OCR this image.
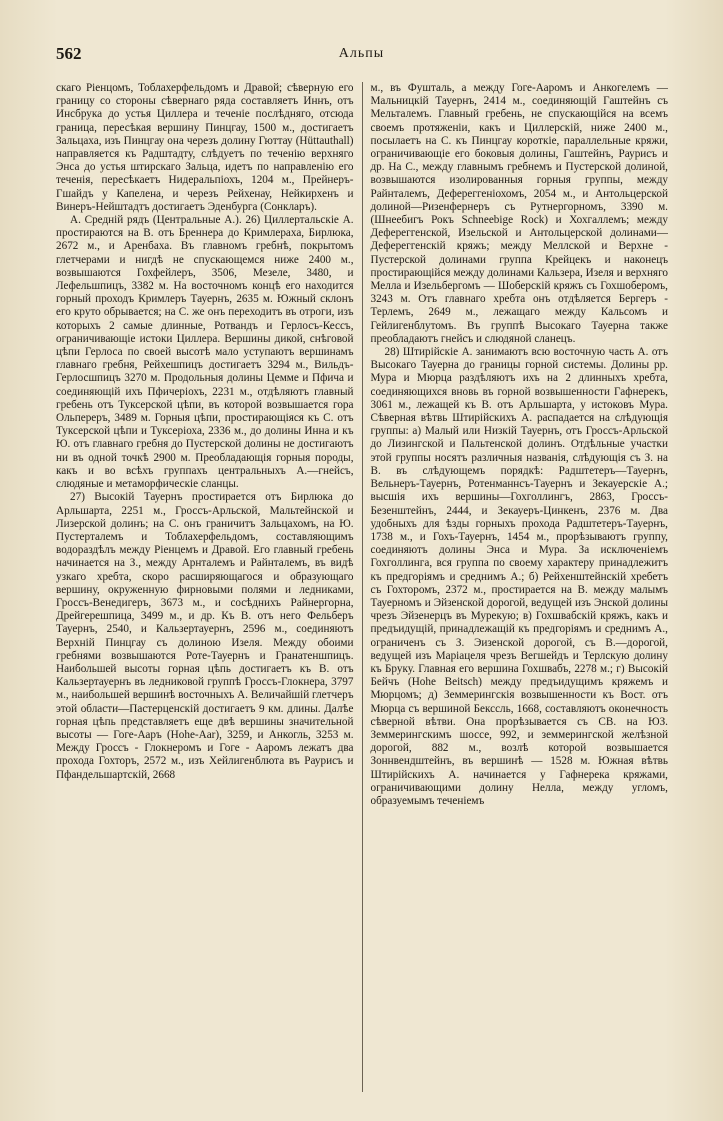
562	Альпы

скаго Ріенцомъ, Тоблахерфельдомъ и Дравой; сѣверную его границу со стороны сѣвернаго ряда составляетъ Иннъ, отъ Инсбрука до устья Циллера и теченіе послѣдняго, отсюда граница, пересѣкая вершину Пинцгау, 1500 м., достигаетъ Зальцаха, изъ Пинцгау она черезъ долину Гюттау (Hüttauthall) направляется къ Радштадту, слѣдуетъ по теченію верхняго Энса до устья штирскаго Зальца, идетъ по направленію его теченія, пересѣкаетъ Нидеральпіохъ, 1204 м., Прейнеръ-Гшайдъ у Капелена, и черезъ Рейхенау, Нейкирхенъ и Винеръ-Нейштадтъ достигаетъ Эденбурга (Сонкларъ).

А. Средній рядъ (Центральные А.). 26) Циллертальскіе А. простираются на В. отъ Бреннера до Кримлераха, Бирлюка, 2672 м., и Аренбаха. Въ главномъ гребнѣ, покрытомъ глетчерами и нигдѣ не спускающемся ниже 2400 м., возвышаются Гохфейлеръ, 3506, Мезеле, 3480, и Лефельшпицъ, 3382 м. На восточномъ концѣ его находится горный проходъ Кримлеръ Тауернъ, 2635 м. Южный склонъ его круто обрывается; на С. же онъ переходитъ въ отроги, изъ которыхъ 2 самые длинные, Ротвандъ и Герлосъ-Кессъ, ограничивающіе истоки Циллера. Вершины дикой, снѣговой цѣпи Герлоса по своей высотѣ мало уступаютъ вершинамъ главнаго гребня, Рейхешпицъ достигаетъ 3294 м., Вильдъ-Герлосшпицъ 3270 м. Продольныя долины Цемме и Пфича и соединяющій ихъ Пфичеріохъ, 2231 м., отдѣляютъ главный гребень отъ Туксерской цѣпи, въ которой возвышается гора Ольпереръ, 3489 м. Горныя цѣпи, простирающіяся къ С. отъ Туксерской цѣпи и Туксеріоха, 2336 м., до долины Инна и къ Ю. отъ главнаго гребня до Пустерской долины не достигаютъ ни въ одной точкѣ 2900 м. Преобладающія горныя породы, какъ и во всѣхъ группахъ центральныхъ А.—гнейсъ, слюдяные и метаморфическіе сланцы.

27) Высокій Тауернъ простирается отъ Бирлюка до Арльшарта, 2251 м., Гроссъ-Арльской, Мальтейнской и Лизерской долинъ; на С. онъ граничитъ Зальцахомъ, на Ю. Пустерталемъ и Тоблахерфельдомъ, составляющимъ водораздѣлъ между Ріенцемъ и Дравой. Его главный гребень начинается на З., между Арнталемъ и Райнталемъ, въ видѣ узкаго хребта, скоро расширяющагося и образующаго вершину, окруженную фирновыми полями и ледниками, Гроссъ-Венедигеръ, 3673 м., и сосѣднихъ Райнергорна, Дрейгерешпица, 3499 м., и др. Къ В. отъ него Фельберъ Тауернъ, 2540, и Кальзертауернъ, 2596 м., соединяютъ Верхній Пинцгау съ долиною Изеля. Между обоими гребнями возвышаются Роте-Тауернъ и Гранатеншпицъ. Наибольшей высоты горная цѣпь достигаетъ къ В. отъ Кальзертауернъ въ ледниковой группѣ Гроссъ-Глокнера, 3797 м., наибольшей вершинѣ восточныхъ А. Величайшій глетчеръ этой области—Пастерценскій достигаетъ 9 км. длины. Далѣе горная цѣпь представляетъ еще двѣ вершины значительной высоты — Гоге-Ааръ (Hohe-Aar), 3259, и Анкогль, 3253 м. Между Гроссъ - Глокнеромъ и Гоге - Ааромъ лежатъ два прохода Гохторъ, 2572 м., изъ Хейлигенблюта въ Раурисъ и Пфандельшартскій, 2668

м., въ Фушталь, а между Гоге-Ааромъ и Анкогелемъ — Мальницкій Тауернъ, 2414 м., соединяющій Гаштейнъ съ Мельталемъ. Главный гребень, не спускающійся на всемъ своемъ протяженіи, какъ и Циллерскій, ниже 2400 м., посылаетъ на С. къ Пинцгау короткіе, параллельные кряжи, ограничивающіе его боковыя долины, Гаштейнъ, Раурисъ и др. На С., между главнымъ гребнемъ и Пустерской долиной, возвышаются изолированныя горныя группы, между Райнталемъ, Дефереггеніохомъ, 2054 м., и Антольцерской долиной—Ризенфернеръ съ Рутнергорномъ, 3390 м. (Шнеебигъ Рокъ Schneebige Rock) и Хохгаллемъ; между Дефереггенской, Изельской и Антольцерской долинами—Дефереггенскій кряжъ; между Меллской и Верхне - Пустерской долинами группа Крейцекъ и наконецъ простирающійся между долинами Кальзера, Изеля и верхняго Мелла и Изельбергомъ — Шоберскій кряжъ съ Гохшоберомъ, 3243 м. Отъ главнаго хребта онъ отдѣляется Бергеръ - Терлемъ, 2649 м., лежащаго между Кальсомъ и Гейлигенблутомъ. Въ группѣ Высокаго Тауерна также преобладаютъ гнейсъ и слюдяной сланецъ.

28) Штирійскіе А. занимаютъ всю восточную часть А. отъ Высокаго Тауерна до границы горной системы. Долины рр. Мура и Мюрца раздѣляютъ ихъ на 2 длинныхъ хребта, соединяющихся вновь въ горной возвышенности Гафнерекъ, 3061 м., лежащей къ В. отъ Арльшарта, у истоковъ Мура. Сѣверная вѣтвь Штирійскихъ А. распадается на слѣдующія группы: а) Малый или Низкій Тауернъ, отъ Гроссъ-Арльской до Лизингской и Пальтенской долинъ. Отдѣльные участки этой группы носятъ различныя названія, слѣдующія съ З. на В. въ слѣдующемъ порядкѣ: Радштетеръ—Тауернъ, Вельнеръ-Тауернъ, Ротенманнсъ-Тауернъ и Зекауерскіе А.; высшія ихъ вершины—Гохголлингъ, 2863, Гроссъ-Безенштейнъ, 2444, и Зекауеръ-Цинкенъ, 2376 м. Два удобныхъ для ѣзды горныхъ прохода Радштетеръ-Тауернъ, 1738 м., и Гохъ-Тауернъ, 1454 м., прорѣзываютъ группу, соединяютъ долины Энса и Мура. За исключеніемъ Гохголлинга, вся группа по своему характеру принадлежитъ къ предгоріямъ и среднимъ А.; б) Рейхенштейнскій хребетъ съ Гохторомъ, 2372 м., простирается на В. между малымъ Тауерномъ и Эйзенской дорогой, ведущей изъ Энской долины чрезъ Эйзенерцъ въ Мурекую; в) Гохшвабскій кряжъ, какъ и предъидущій, принадлежащій къ предгоріямъ и среднимъ А., ограниченъ съ З. Эизенской дорогой, съ В.—дорогой, ведущей изъ Маріацеля чрезъ Вегшейдъ и Терлскую долину къ Бруку. Главная его вершина Гохшвабъ, 2278 м.; г) Высокій Бейчъ (Hohe Beitsch) между предъидущимъ кряжемъ и Мюрцомъ; д) Земмерингскія возвышенности къ Вост. отъ Мюрца съ вершиной Бекссль, 1668, составляютъ оконечность сѣверной вѣтви. Она прорѣзывается съ СВ. на ЮЗ. Земмерингскимъ шоссе, 992, и земмерингской желѣзной дорогой, 882 м., возлѣ которой возвышается Зоннвендштейнъ, въ вершинѣ — 1528 м. Южная вѣтвь Штирійскихъ А. начинается у Гафнерека кряжами, ограничивающими долину Нелла, между угломъ, образуемымъ теченіемъ
